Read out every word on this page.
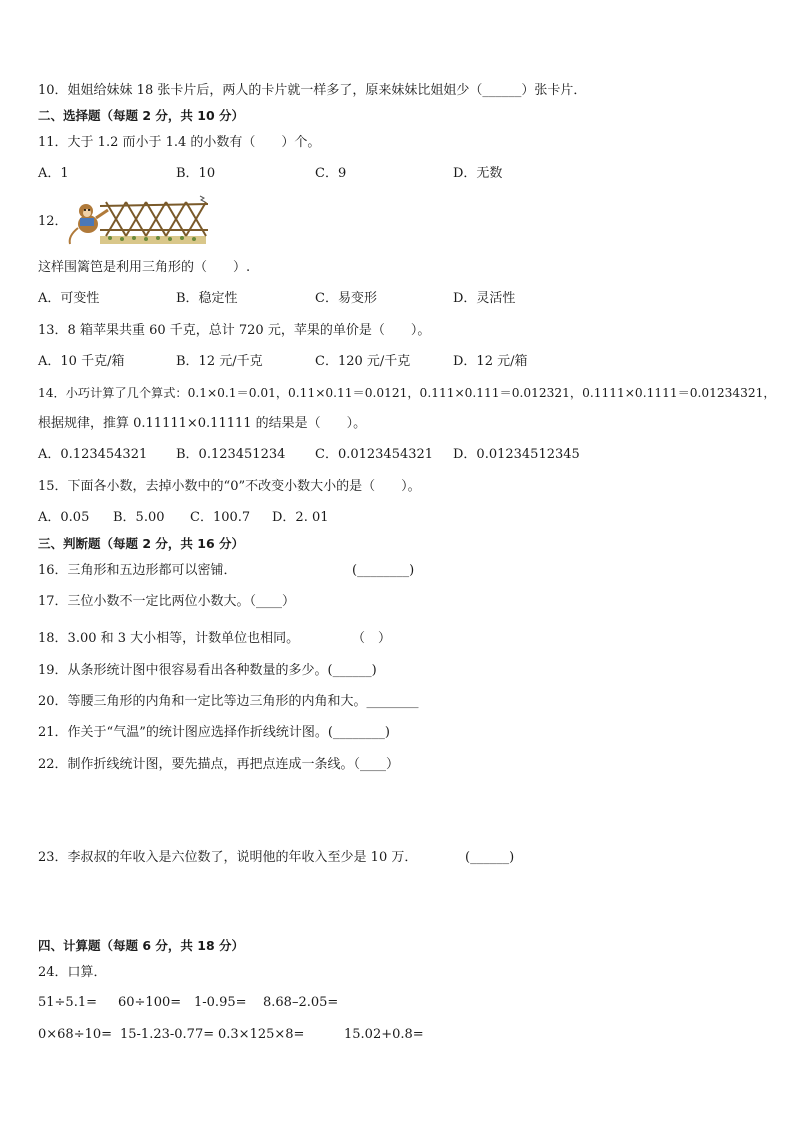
10．姐姐给妹妹 18 张卡片后，两人的卡片就一样多了，原来妹妹比姐姐少（______）张卡片．
二、选择题（每题 2 分，共 10 分）
11．大于 1.2 而小于 1.4 的小数有（　　）个。
A．1	B．10	C．9	D．无数
12．
这样围篱笆是利用三角形的（　　）.
A．可变性	B．稳定性	C．易变形	D．灵活性
13．8 箱苹果共重 60 千克，总计 720 元，苹果的单价是（　　）。
A．10 千克/箱	B．12 元/千克	C．120 元/千克	D．12 元/箱
14．小巧计算了几个算式：0.1×0.1＝0.01，0.11×0.11＝0.0121，0.111×0.111＝0.012321，0.1111×0.1111＝0.01234321，
根据规律，推算 0.11111×0.11111 的结果是（　　）。
A．0.123454321 B．0.123451234 C．0.0123454321 D．0.01234512345
15．下面各小数，去掉小数中的“0”不改变小数大小的是（　　）。
A．0.05 B．5.00 C．100.7 D．2. 01
三、判断题（每题 2 分，共 16 分）
16．三角形和五边形都可以密铺．	(________)
17．三位小数不一定比两位小数大。（____）
18．3.00 和 3 大小相等，计数单位也相同。	（　）
19．从条形统计图中很容易看出各种数量的多少。(______)
20．等腰三角形的内角和一定比等边三角形的内角和大。________
21．作关于“气温”的统计图应选择作折线统计图。(________)
22．制作折线统计图，要先描点，再把点连成一条线。（____）
23．李叔叔的年收入是六位数了，说明他的年收入至少是 10 万．	(______)
四、计算题（每题 6 分，共 18 分）
24．口算．
51÷5.1= 60÷100= 1-0.95= 8.68–2.05=
0×68÷10= 15-1.23-0.77= 0.3×125×8=	15.02+0.8=
